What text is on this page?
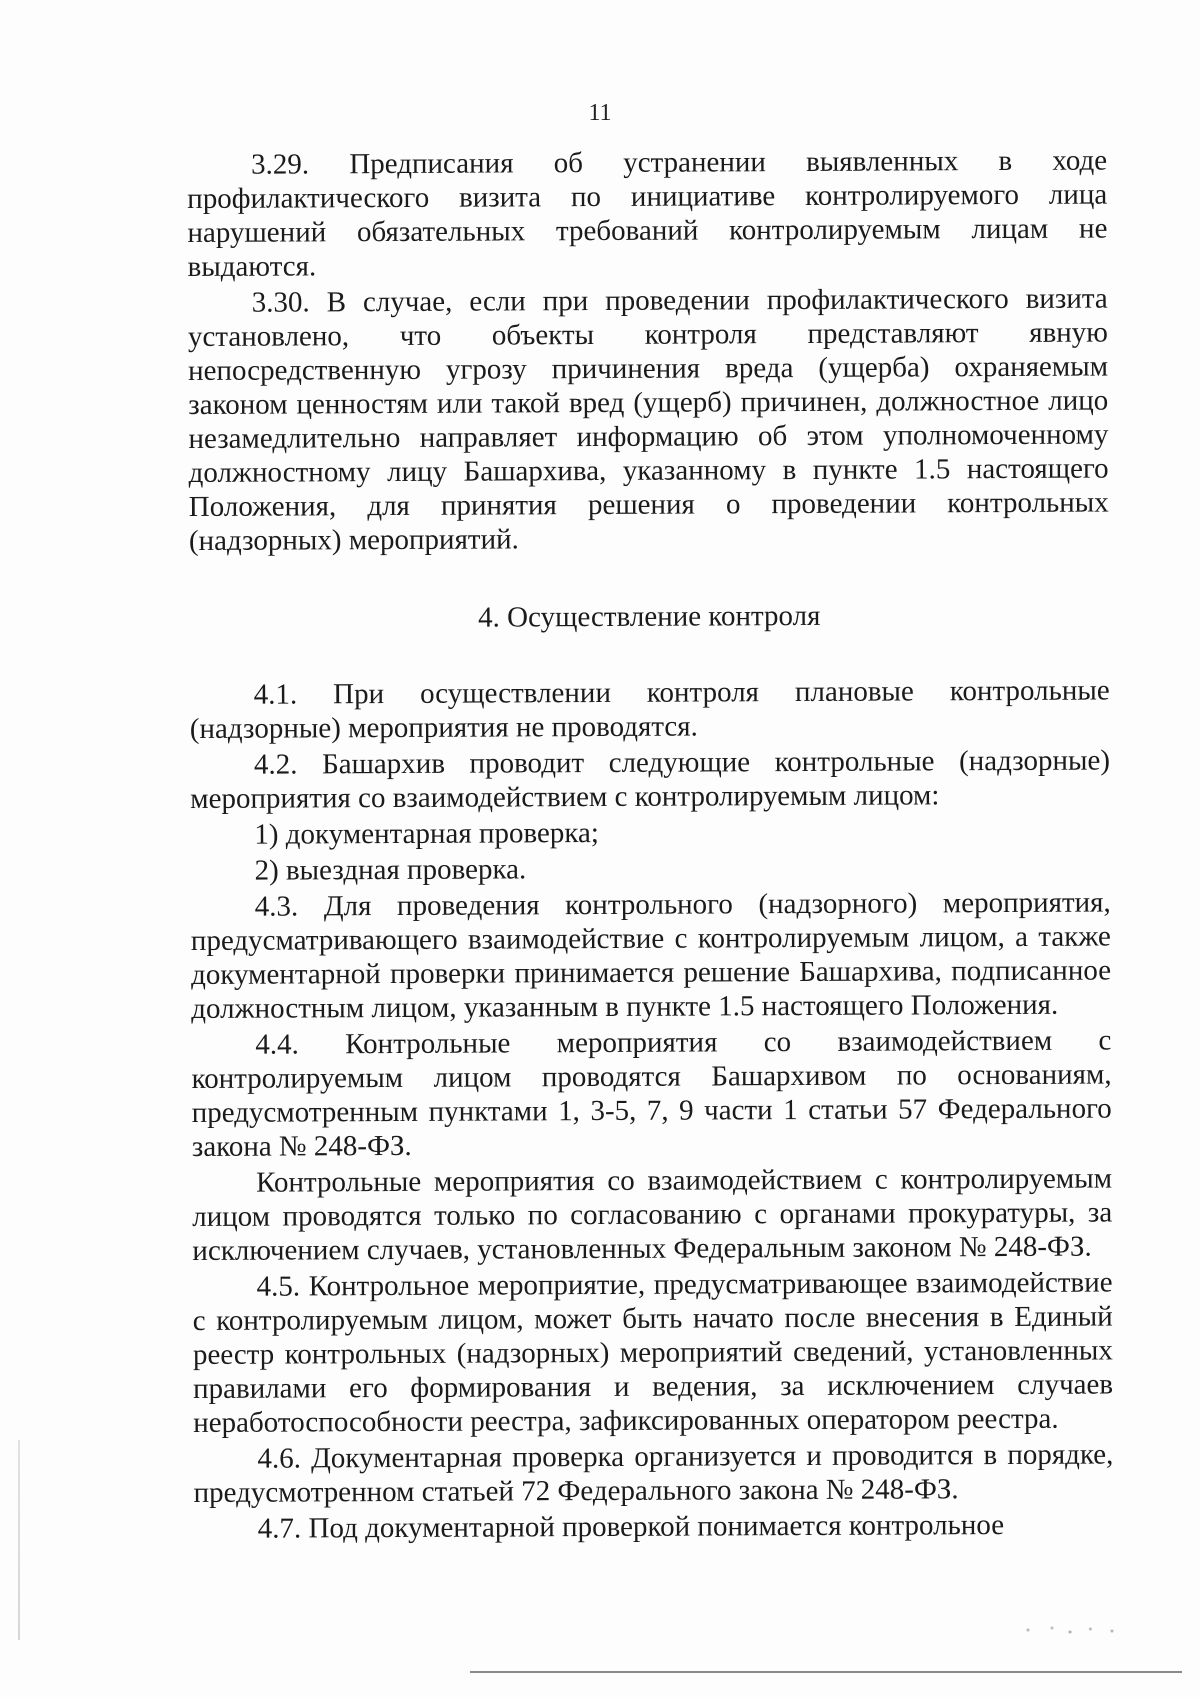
11

3.29. Предписания об устранении выявленных в ходе профилактического визита по инициативе контролируемого лица нарушений обязательных требований контролируемым лицам не выдаются.

3.30. В случае, если при проведении профилактического визита установлено, что объекты контроля представляют явную непосредственную угрозу причинения вреда (ущерба) охраняемым законом ценностям или такой вред (ущерб) причинен, должностное лицо незамедлительно направляет информацию об этом уполномоченному должностному лицу Башархива, указанному в пункте 1.5 настоящего Положения, для принятия решения о проведении контрольных (надзорных) мероприятий.

4. Осуществление контроля

4.1. При осуществлении контроля плановые контрольные (надзорные) мероприятия не проводятся.

4.2. Башархив проводит следующие контрольные (надзорные) мероприятия со взаимодействием с контролируемым лицом:

1) документарная проверка;

2) выездная проверка.

4.3. Для проведения контрольного (надзорного) мероприятия, предусматривающего взаимодействие с контролируемым лицом, а также документарной проверки принимается решение Башархива, подписанное должностным лицом, указанным в пункте 1.5 настоящего Положения.

4.4. Контрольные мероприятия со взаимодействием с контролируемым лицом проводятся Башархивом по основаниям, предусмотренным пунктами 1, 3-5, 7, 9 части 1 статьи 57 Федерального закона № 248-ФЗ.

Контрольные мероприятия со взаимодействием с контролируемым лицом проводятся только по согласованию с органами прокуратуры, за исключением случаев, установленных Федеральным законом № 248-ФЗ.

4.5. Контрольное мероприятие, предусматривающее взаимодействие с контролируемым лицом, может быть начато после внесения в Единый реестр контрольных (надзорных) мероприятий сведений, установленных правилами его формирования и ведения, за исключением случаев неработоспособности реестра, зафиксированных оператором реестра.

4.6. Документарная проверка организуется и проводится в порядке, предусмотренном статьей 72 Федерального закона № 248-ФЗ.

4.7. Под документарной проверкой понимается контрольное
